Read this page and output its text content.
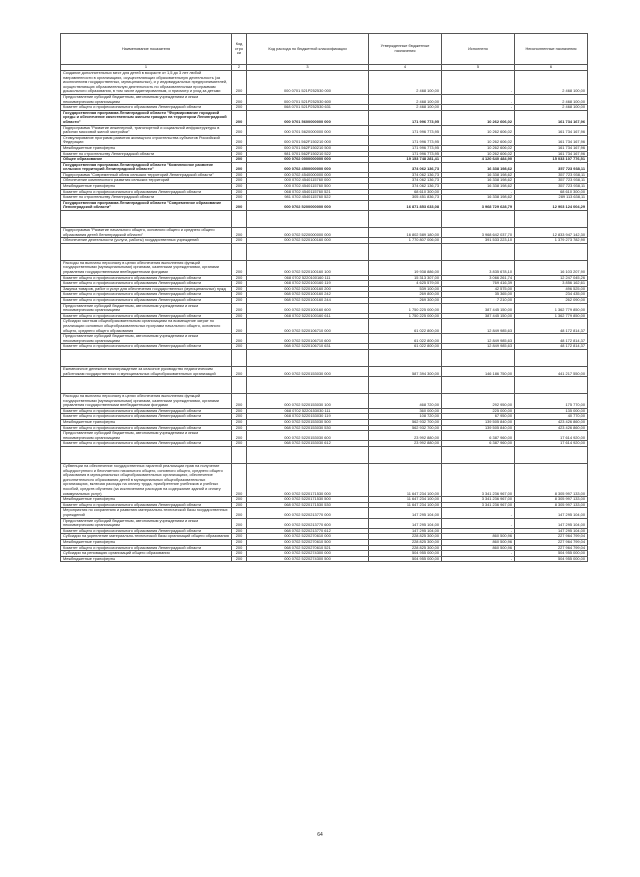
Наименование показателя	Код стро ки	Код расхода по бюджетной классификации	Утвержденные бюджетные назначения	Исполнено	Неисполненные назначения
1	2	3	4	5	6
Создание дополнительных мест для детей в возрасте от 1,5 до 3 лет любой направленности в организациях, осуществляющих образовательную деятельность (за исключением государственных, муниципальных), и у индивидуальных предпринимателей, осуществляющих образовательную деятельность по образовательным программам дошкольного образования, в том числе адаптированным, и присмотр и уход за детьми	200	000 0701 521P252530 000	2 468 100,00	-	2 468 100,00
Предоставление субсидий бюджетным, автономным учреждениям и иным некоммерческим организациям	200	000 0701 521P252530 600	2 468 100,00	-	2 468 100,00
Комитет общего и профессионального образования Ленинградской области	200	068 0701 521P252530 631	2 468 100,00	-	2 468 100,00
Государственная программа Ленинградской области "Формирование городской среды и обеспечение качественным жильем граждан на территории Ленинградской области"	200	000 0701 5600000000 000	171 996 773,95	10 262 606,02	161 734 167,96
Подпрограмма "Развитие инженерной, транспортной и социальной инфраструктуры в районах массовой жилой застройки"	200	000 0701 5620000000 000	171 996 773,95	10 262 606,02	161 734 167,96
Стимулирование программ развития жилищного строительства субъектов Российской Федерации	200	000 0701 562F150210 000	171 996 773,95	10 262 606,02	161 734 167,96
Межбюджетные трансферты	200	000 0701 562F150210 500	171 996 773,95	10 262 606,02	161 734 167,96
Комитет по строительству Ленинградской области	200	981 0701 562F150210 522	171 996 773,95	10 262 606,02	161 734 167,96
Общее образование	200	000 0702 0000000000 000	19 153 748 281,41	4 120 640 484,90	15 033 107 776,51
Государственная программа Ленинградской области "Комплексное развитие сельских территорий Ленинградской области"	200	000 0702 4500000000 000	374 062 136,73	16 338 198,62	357 723 938,11
Подпрограмма "Современный облик сельских территорий Ленинградской области"	200	000 0702 4540000000 000	374 062 136,73	16 338 198,62	357 723 938,11
Обеспечение комплексного развития сельских территорий	200	000 0702 4540115760 000	374 062 136,73	16 338 198,62	357 723 938,11
Межбюджетные трансферты	200	000 0702 4540115760 500	374 062 136,73	16 338 198,62	357 723 938,11
Комитет общего и профессионального образования Ленинградской области	200	068 0702 4540115760 521	68 610 300,00	-	68 610 300,00
Комитет по строительству Ленинградской области	200	981 0702 4540115760 522	305 451 836,73	16 338 198,62	289 113 638,11
Государственная программа Ленинградской области "Современное образование Ленинградской области"	200	000 0702 5200000000 000	16 871 853 633,08	3 968 729 628,79	12 903 124 004,29

Подпрограмма "Развитие начального общего, основного общего и среднего общего образования детей Ленинградской области"	200	000 0702 5220000000 000	16 802 589 180,00	3 968 642 037,70	12 833 947 142,30
Обеспечение деятельности (услуги, работы) государственных учреждений	200	000 0702 5220100160 000	1 770 807 006,00	391 533 223,10	1 379 273 782,90

Расходы на выплаты персоналу в целях обеспечения выполнения функций государственными (муниципальными) органами, казенными учреждениями, органами управления государственными внебюджетными фондами	200	000 0702 5220100160 100	19 938 886,00	3 835 678,10	16 103 207,90
Комитет общего и профессионального образования Ленинградской области	200	068 0702 5220100160 111	15 313 307,00	3 066 261,74	12 247 045,26
Комитет общего и профессионального образования Ленинградской области	200	068 0702 5220100160 119	4 625 579,00	769 416,39	3 856 162,61
Закупка товаров, работ и услуг для обеспечения государственных (муниципальных) нужд	200	000 0702 5220100160 200	539 100,00	42 575,00	496 525,00
Комитет общего и профессионального образования Ленинградской области	200	068 0702 5220100160 242	269 800,00	35 365,00	234 435,00
Комитет общего и профессионального образования Ленинградской области	200	068 0702 5220100160 244	269 300,00	7 210,00	262 090,00
Предоставление субсидий бюджетным, автономным учреждениям и иным некоммерческим организациям	200	000 0702 5220100160 600	1 750 225 000,00	387 445 150,00	1 362 779 850,00
Комитет общего и профессионального образования Ленинградской области	200	068 0702 5220100160 611	1 750 225 000,00	387 445 150,00	1 362 779 850,00
Субсидии частным общеобразовательным организациям на возмещение затрат по реализации основных общеобразовательных программ начального общего, основного общего, среднего общего образования	200	000 0702 5220106710 000	61 022 800,00	12 849 985,63	48 172 814,37
Предоставление субсидий бюджетным, автономным учреждениям и иным некоммерческим организациям	200	000 0702 5220106710 600	61 022 800,00	12 849 985,63	48 172 814,37
Комитет общего и профессионального образования Ленинградской области	200	068 0702 5220106710 631	61 022 800,00	12 849 985,63	48 172 814,37

Ежемесячное денежное вознаграждение за классное руководство педагогическим работникам государственных и муниципальных общеобразовательных организаций	200	000 0702 5220153030 000	587 394 300,00	146 186 750,00	441 217 550,00

Расходы на выплаты персоналу в целях обеспечения выполнения функций государственными (муниципальными) органами, казенными учреждениями, органами управления государственными внебюджетными фондами	200	000 0702 5220153030 100	468 720,00	292 950,00	175 770,00
Комитет общего и профессионального образования Ленинградской области	200	068 0702 5220153030 111	360 000,00	225 000,00	135 000,00
Комитет общего и профессионального образования Ленинградской области	200	068 0702 5220153030 119	108 720,00	67 950,00	40 770,00
Межбюджетные трансферты	200	000 0702 5220153030 500	562 932 700,00	139 505 840,00	423 426 860,00
Комитет общего и профессионального образования Ленинградской области	200	068 0702 5220153030 530	562 932 700,00	139 505 840,00	423 426 860,00
Предоставление субсидий бюджетным, автономным учреждениям и иным некоммерческим организациям	200	000 0702 5220153030 600	23 992 880,00	6 387 960,00	17 614 920,00
Комитет общего и профессионального образования Ленинградской области	200	068 0702 5220153030 612	23 992 880,00	6 387 960,00	17 614 920,00

Субвенции на обеспечение государственных гарантий реализации прав на получение общедоступного и бесплатного начального общего, основного общего, среднего общего образования в муниципальных общеобразовательных организациях, обеспечение дополнительного образования детей в муниципальных общеобразовательных организациях, включая расходы на оплату труда, приобретение учебников и учебных пособий, средств обучения (за исключением расходов на содержание зданий и оплату коммунальных услуг)	200	000 0702 5220171530 000	11 647 234 100,00	3 341 236 967,00	8 305 997 133,00
Межбюджетные трансферты	200	000 0702 5220171530 500	11 647 234 100,00	3 341 236 967,00	8 305 997 133,00
Комитет общего и профессионального образования Ленинградской области	200	068 0702 5220171530 530	11 647 234 100,00	3 341 236 967,00	8 305 997 133,00
Мероприятия по сохранению и развитию материально-технической базы государственных учреждений	200	000 0702 5220213770 000	147 295 104,00	-	147 295 104,00
Предоставление субсидий бюджетным, автономным учреждениям и иным некоммерческим организациям	200	000 0702 5220213770 600	147 295 104,00	-	147 295 104,00
Комитет общего и профессионального образования Ленинградской области	200	068 0702 5220213770 612	147 295 104,00	-	147 295 104,00
Субсидии на укрепление материально-технической базы организаций общего образования	200	000 0702 5220270610 000	228 825 300,00	860 500,96	227 964 799,04
Межбюджетные трансферты	200	000 0702 5220270610 500	228 825 300,00	860 500,96	227 964 799,04
Комитет общего и профессионального образования Ленинградской области	200	068 0702 5220270610 521	228 825 300,00	860 500,96	227 964 799,04
Субсидии на реновацию организаций общего образования	200	000 0702 5220274300 000	504 955 000,00	-	504 955 000,00
Межбюджетные трансферты	200	000 0702 5220274300 500	504 955 000,00	-	504 955 000,00
64
